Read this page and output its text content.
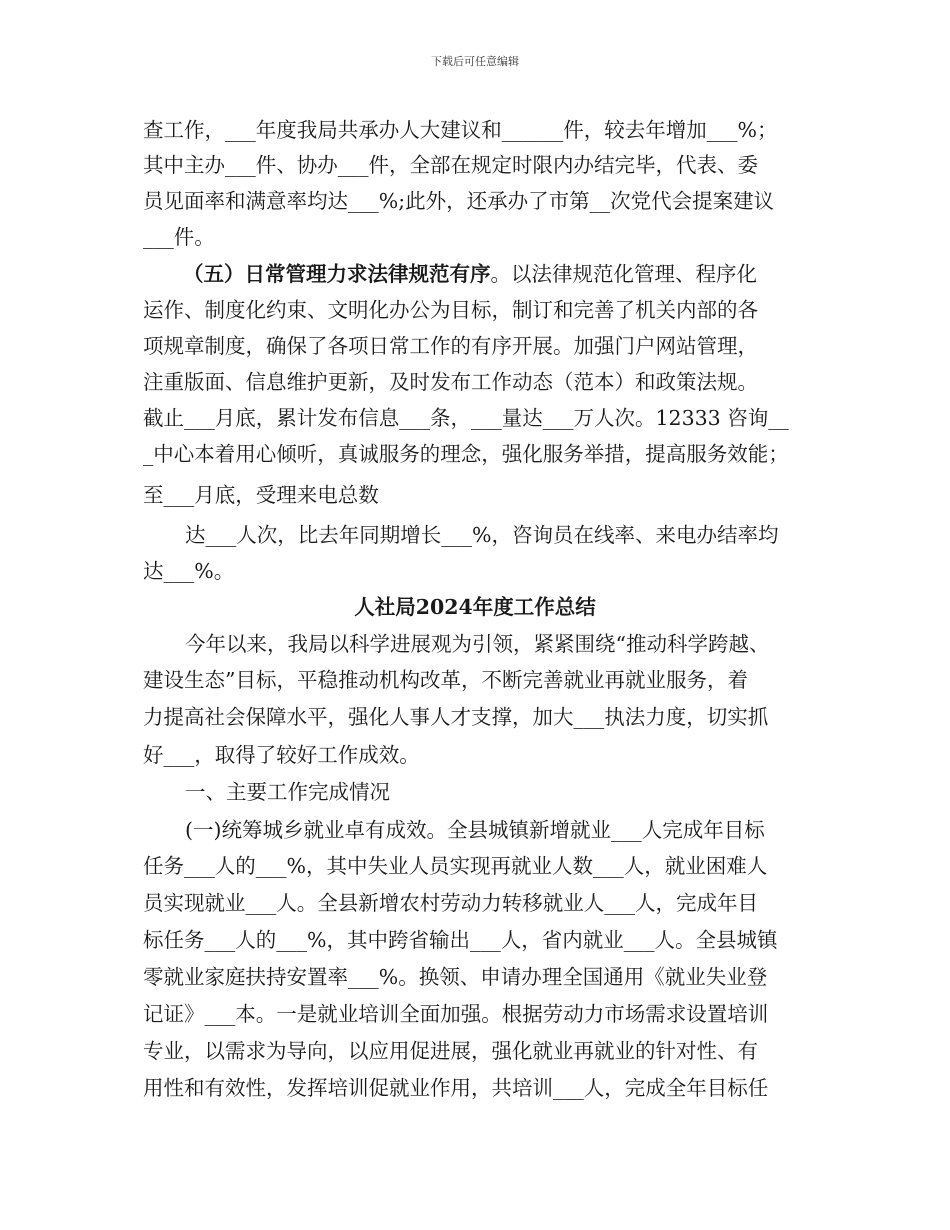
下载后可任意编辑
查工作，___年度我局共承办人大建议和______件，较去年增加___%；
其中主办___件、协办___件，全部在规定时限内办结完毕，代表、委
员见面率和满意率均达___%;此外，还承办了市第__次党代会提案建议
___件。
（五）日常管理力求法律规范有序。以法律规范化管理、程序化
运作、制度化约束、文明化办公为目标，制订和完善了机关内部的各
项规章制度，确保了各项日常工作的有序开展。加强门户网站管理，
注重版面、信息维护更新，及时发布工作动态（范本）和政策法规。
截止___月底，累计发布信息___条，___量达___万人次。12333 咨询__
_中心本着用心倾听，真诚服务的理念，强化服务举措，提高服务效能；
至___月底，受理来电总数
达___人次，比去年同期增长___%，咨询员在线率、来电办结率均
达___%。
人社局2024年度工作总结
今年以来，我局以科学进展观为引领，紧紧围绕“推动科学跨越、
建设生态”目标，平稳推动机构改革，不断完善就业再就业服务，着
力提高社会保障水平，强化人事人才支撑，加大___执法力度，切实抓
好___，取得了较好工作成效。
一、主要工作完成情况
(一)统筹城乡就业卓有成效。全县城镇新增就业___人完成年目标
任务___人的___%，其中失业人员实现再就业人数___人，就业困难人
员实现就业___人。全县新增农村劳动力转移就业人___人，完成年目
标任务___人的___%，其中跨省输出___人，省内就业___人。全县城镇
零就业家庭扶持安置率___%。换领、申请办理全国通用《就业失业登
记证》___本。一是就业培训全面加强。根据劳动力市场需求设置培训
专业，以需求为导向，以应用促进展，强化就业再就业的针对性、有
用性和有效性，发挥培训促就业作用，共培训___人，完成全年目标任
